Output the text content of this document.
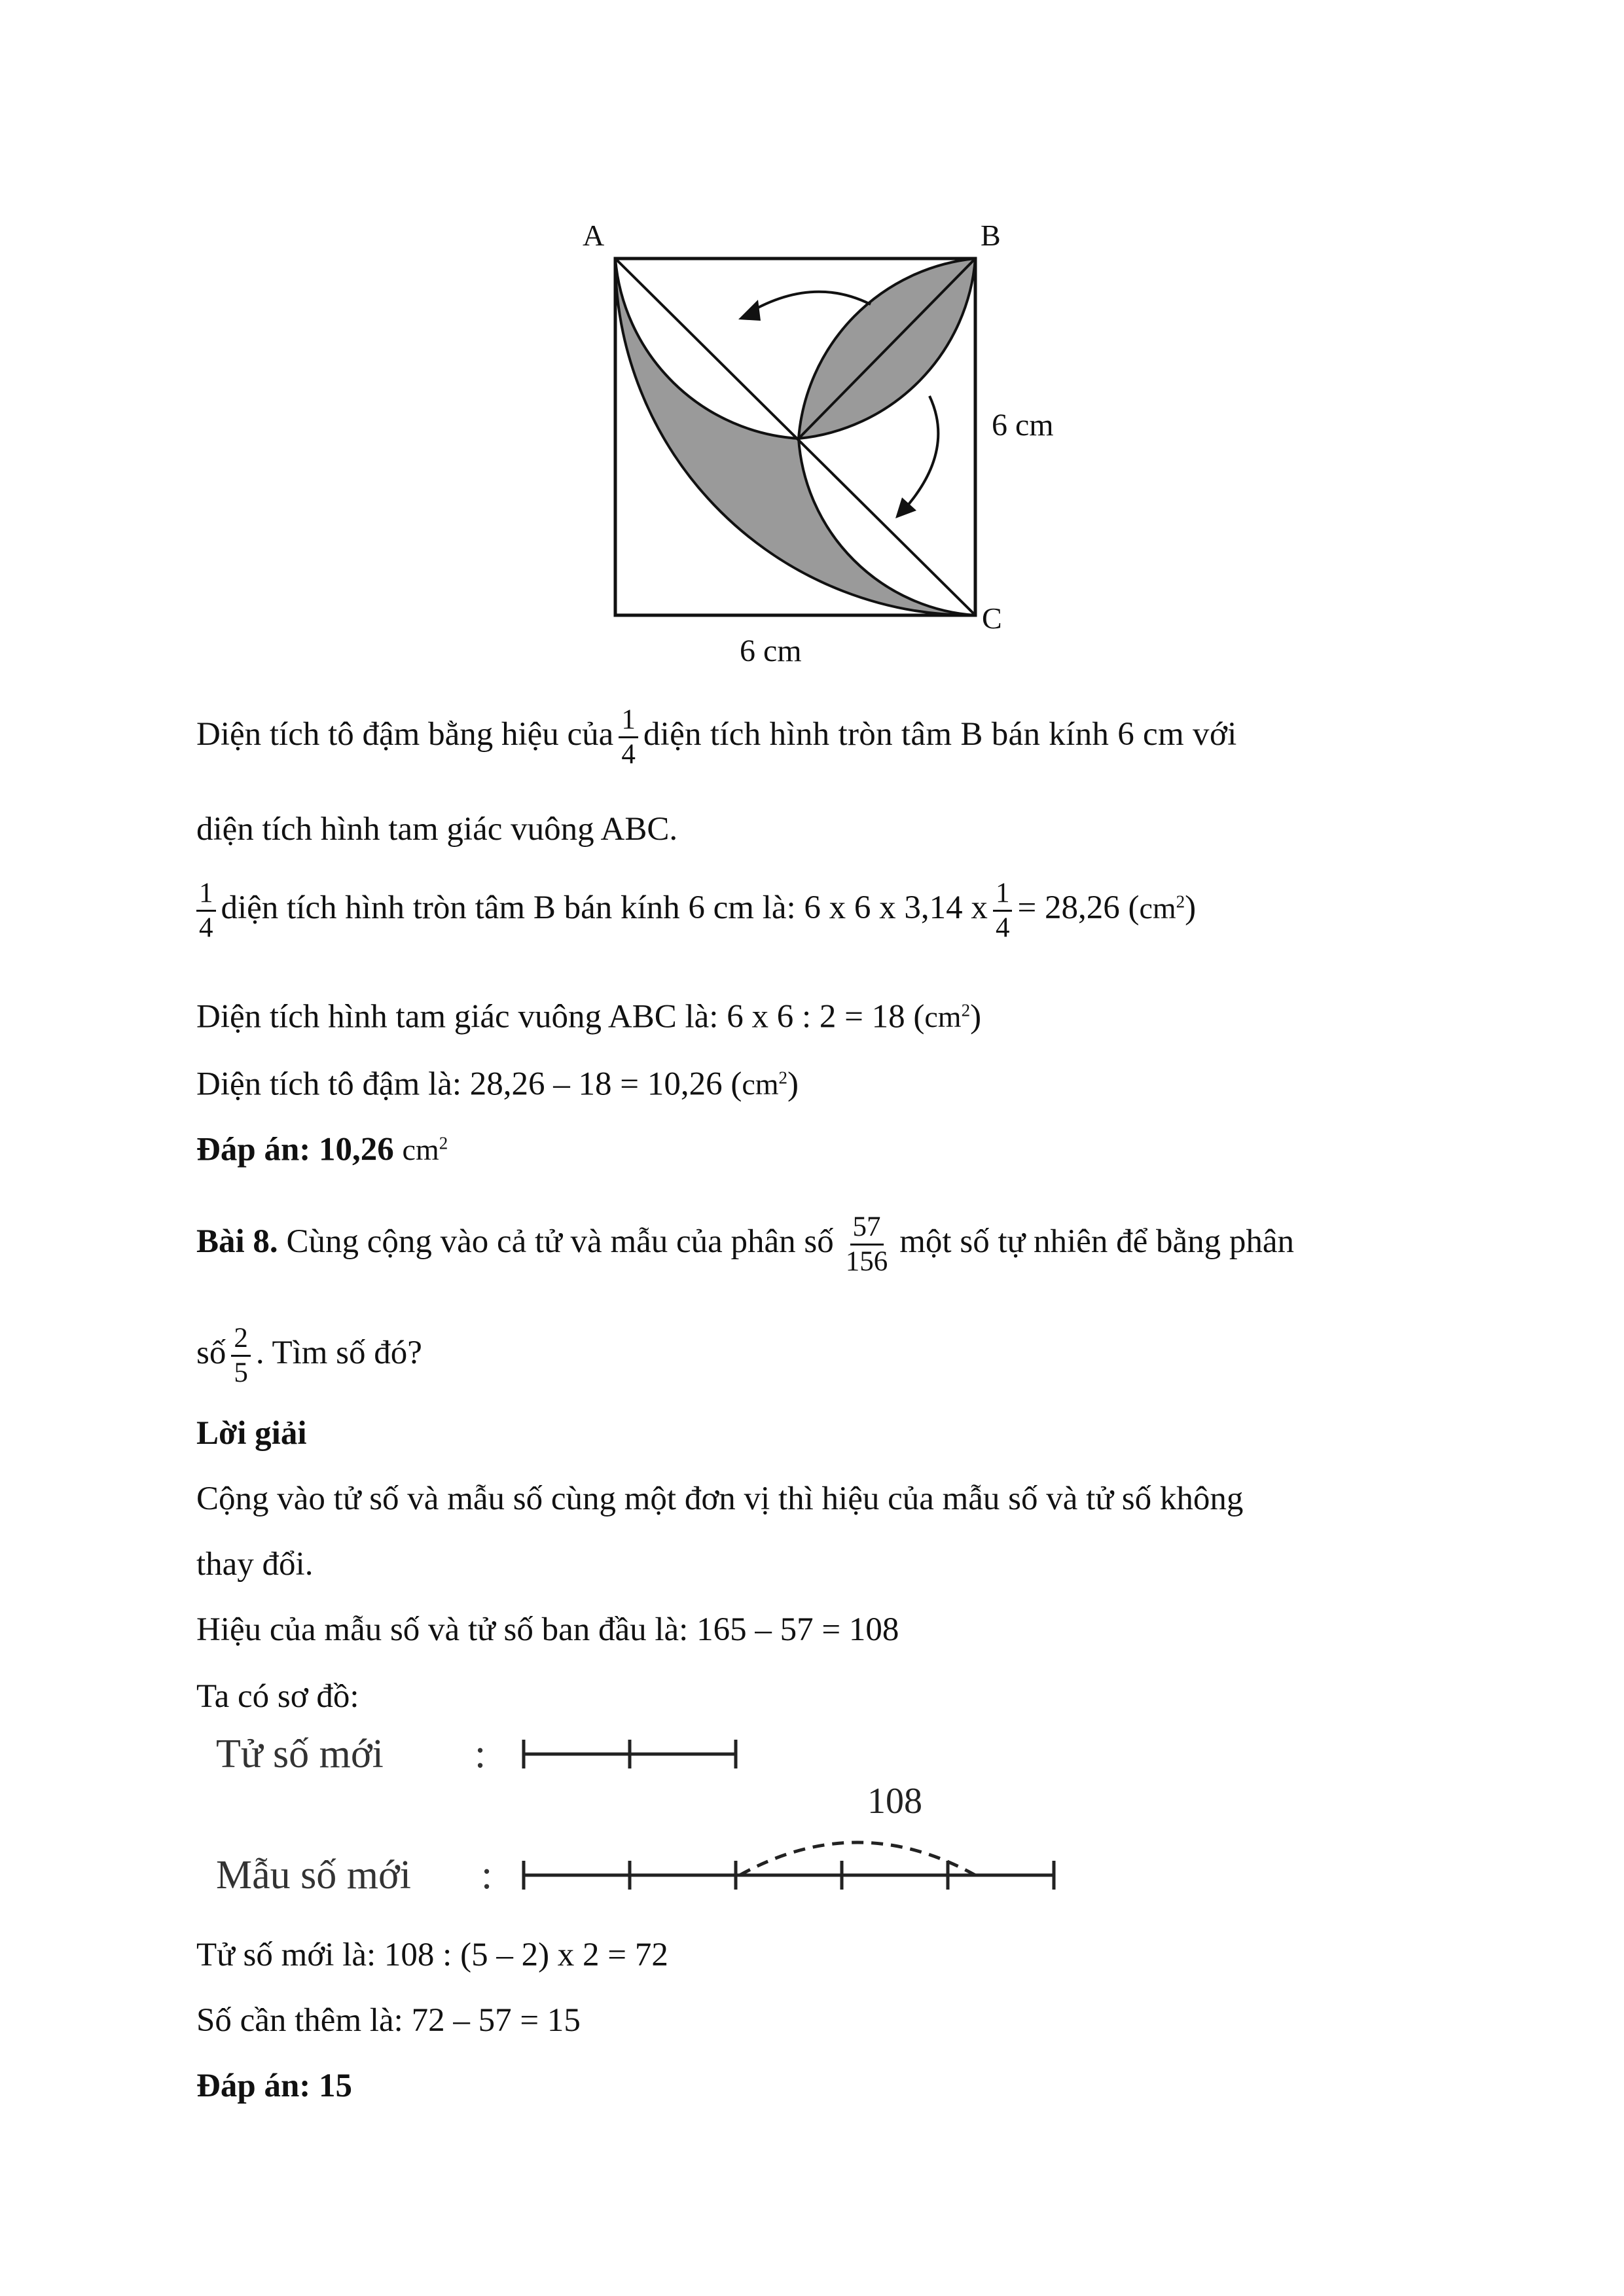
A	B
C
6 cm
6 cm
Diện tích tô đậm bằng hiệu của $\frac{1}{4}$ diện tích hình tròn tâm B bán kính 6 cm với
diện tích hình tam giác vuông ABC.
$\frac{1}{4}$ diện tích hình tròn tâm B bán kính 6 cm là: 6 x 6 x 3,14 x $\frac{1}{4} = 28,26$ $(cm^2)$
Diện tích hình tam giác vuông ABC là: 6 x 6 : 2 = 18 $(cm^2)$
Diện tích tô đậm là: 28,26 – 18 = 10,26 $(cm^2)$
Đáp án: 10,26 $cm^2$
Bài 8. Cùng cộng vào cả tử và mẫu của phân số $\frac{57}{156}$ một số tự nhiên để bằng phân
số $\frac{2}{5}$ . Tìm số đó?
Lời giải
Cộng vào tử số và mẫu số cùng một đơn vị thì hiệu của mẫu số và tử số không
thay đổi.
Hiệu của mẫu số và tử số ban đầu là: 165 – 57 = 108
Ta có sơ đồ:
Tử số mới :
Mẫu số mới :
108
Tử số mới là: 108 : (5 – 2) x 2 = 72
Số cần thêm là: 72 – 57 = 15
Đáp án: 15
